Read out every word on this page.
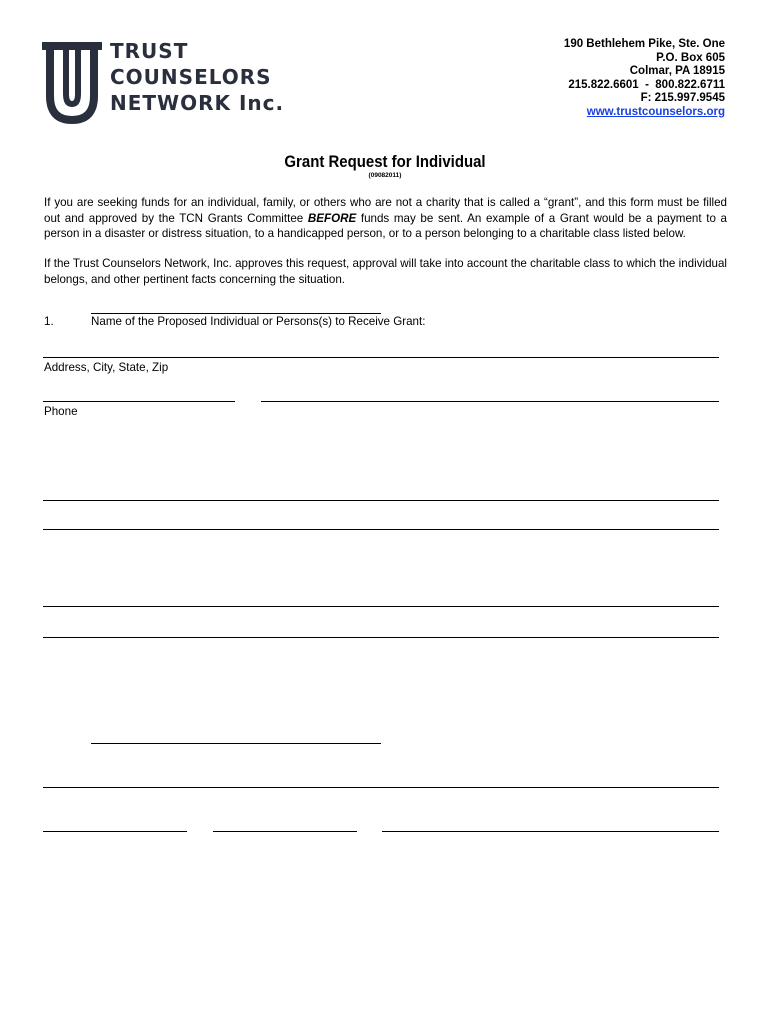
TRUST
COUNSELORS
NETWORK Inc.
190 Bethlehem Pike, Ste. One
P.O. Box 605
Colmar, PA 18915
215.822.6601  -  800.822.6711
F: 215.997.9545
www.trustcounselors.org
Grant Request for Individual
(09082011)
If you are seeking funds for an individual, family, or others who are not a charity that is called a “grant”, and this form must be filled out and approved by the TCN Grants Committee BEFORE funds may be sent. An example of a Grant would be a payment to a person in a disaster or distress situation, to a handicapped person, or to a person belonging to a charitable class listed below.
If the Trust Counselors Network, Inc. approves this request, approval will take into account the charitable class to which the individual belongs, and other pertinent facts concerning the situation.
1.	Name of the Proposed Individual or Persons(s) to Receive Grant:
Address, City, State, Zip
Phone
